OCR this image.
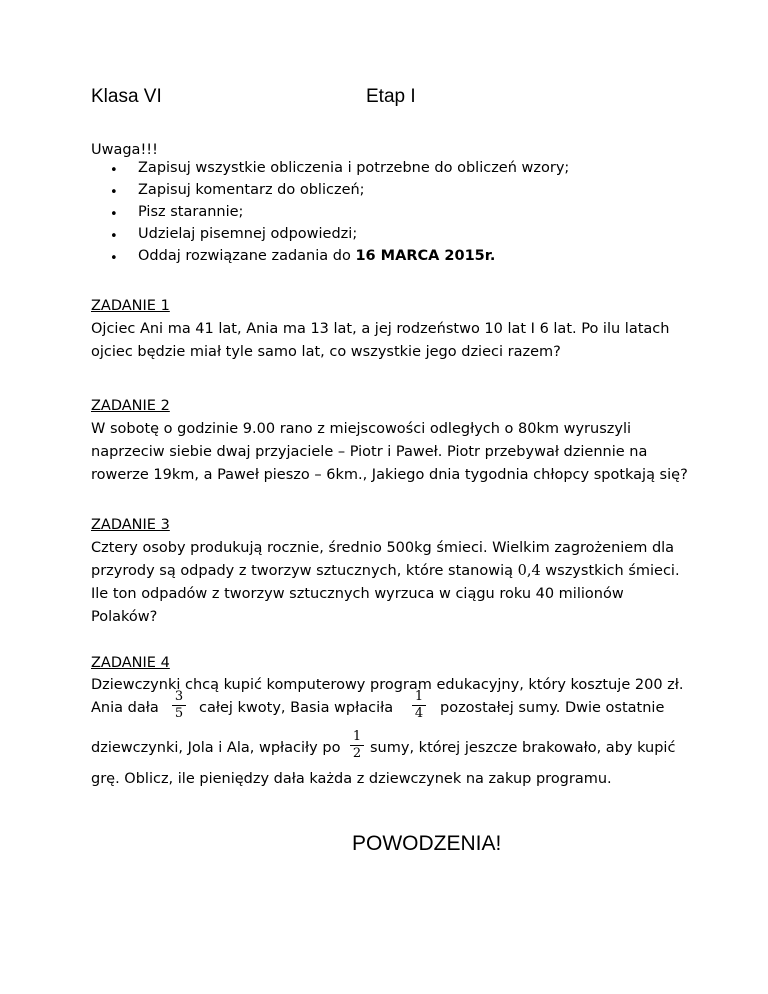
Klasa VI	Etap I
Uwaga!!!
• Zapisuj wszystkie obliczenia i potrzebne do obliczeń wzory;
• Zapisuj komentarz do obliczeń;
• Pisz starannie;
• Udzielaj pisemnej odpowiedzi;
• Oddaj rozwiązane zadania do 16 MARCA 2015r.
ZADANIE 1
Ojciec Ani ma 41 lat, Ania ma 13 lat, a jej rodzeństwo 10 lat I 6 lat. Po ilu latach
ojciec będzie miał tyle samo lat, co wszystkie jego dzieci razem?
ZADANIE 2
W sobotę o godzinie 9.00 rano z miejscowości odległych o 80km wyruszyli
naprzeciw siebie dwaj przyjaciele – Piotr i Paweł. Piotr przebywał dziennie na
rowerze 19km, a Paweł pieszo – 6km., Jakiego dnia tygodnia chłopcy spotkają się?
ZADANIE 3
Cztery osoby produkują rocznie, średnio 500kg śmieci. Wielkim zagrożeniem dla
przyrody są odpady z tworzyw sztucznych, które stanowią 0,4 wszystkich śmieci.
Ile ton odpadów z tworzyw sztucznych wyrzuca w ciągu roku 40 milionów
Polaków?
ZADANIE 4
Dziewczynki chcą kupić komputerowy program edukacyjny, który kosztuje 200 zł.
Ania dała $\frac{3}{5}$ całej kwoty, Basia wpłaciła $\frac{1}{4}$ pozostałej sumy. Dwie ostatnie
dziewczynki, Jola i Ala, wpłaciły po $\frac{1}{2}$ sumy, której jeszcze brakowało, aby kupić
grę. Oblicz, ile pieniędzy dała każda z dziewczynek na zakup programu.
POWODZENIA!
